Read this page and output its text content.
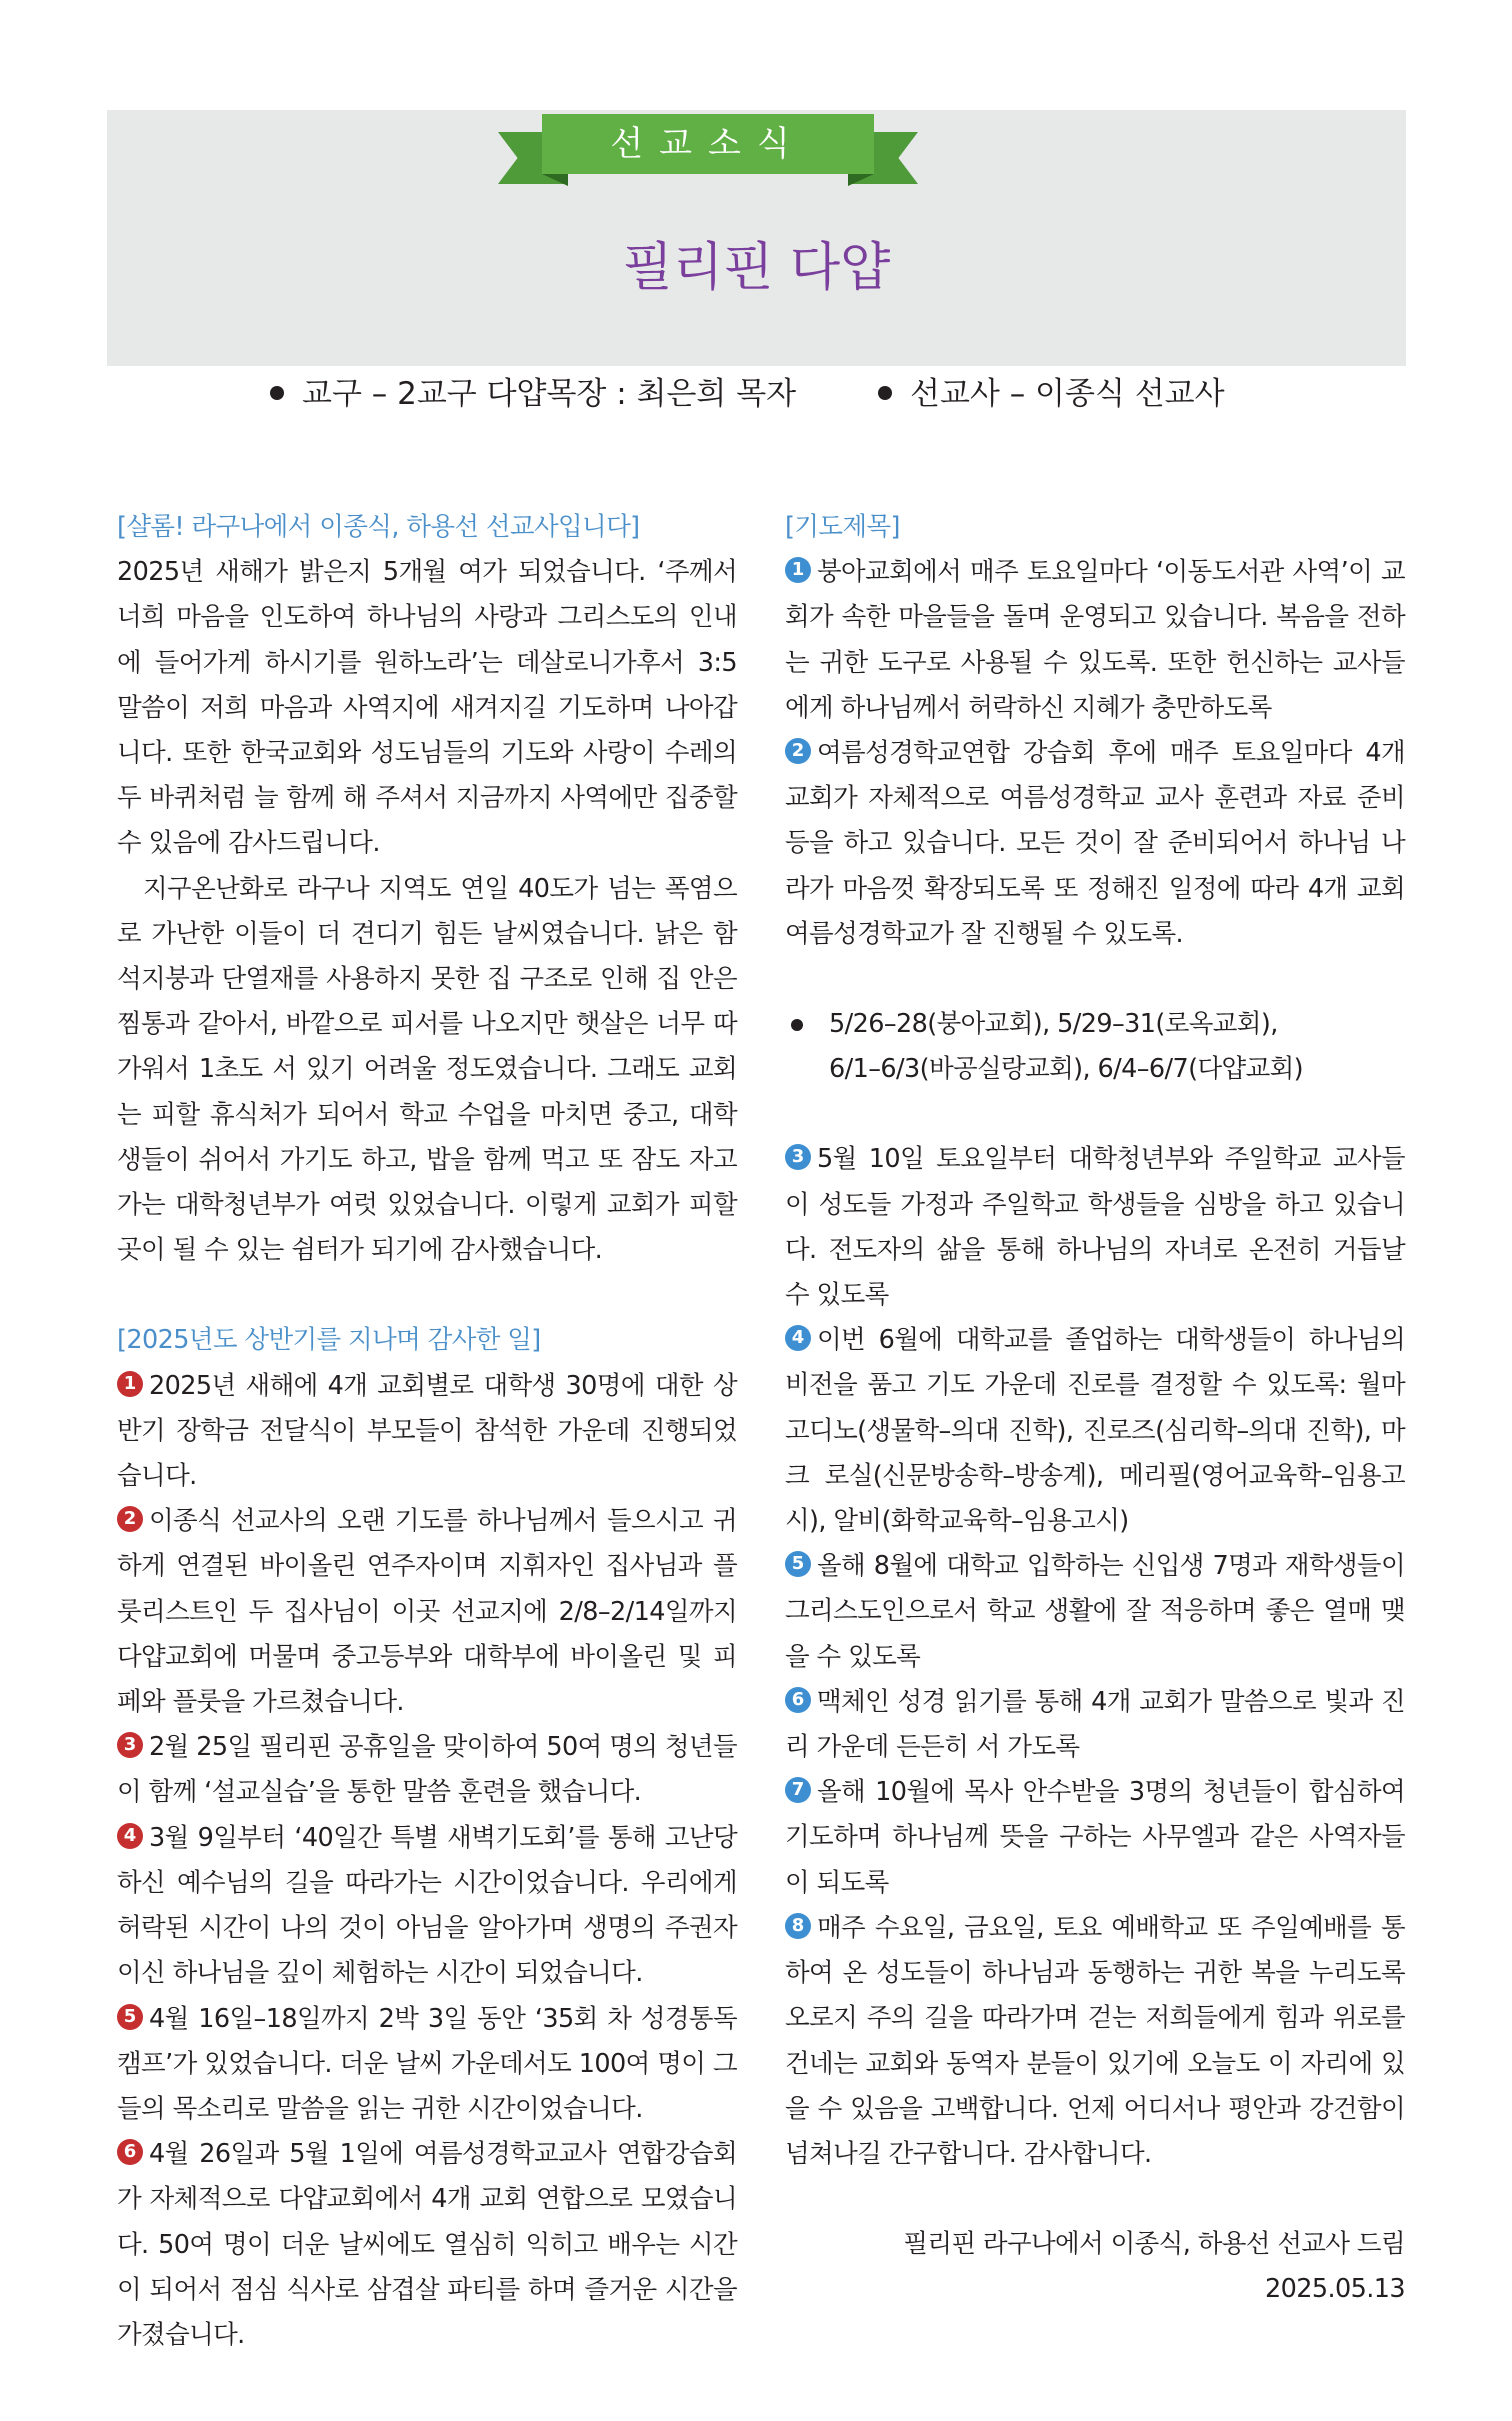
선교소식
필리핀 다얍
교구 – 2교구 다얍목장 : 최은희 목자	선교사 – 이종식 선교사
[샬롬! 라구나에서 이종식, 하용선 선교사입니다]

2025년 새해가 밝은지 5개월 여가 되었습니다. ‘주께서 너희 마음을 인도하여 하나님의 사랑과 그리스도의 인내에 들어가게 하시기를 원하노라’는 데살로니가후서 3:5 말씀이 저희 마음과 사역지에 새겨지길 기도하며 나아갑니다. 또한 한국교회와 성도님들의 기도와 사랑이 수레의 두 바퀴처럼 늘 함께 해 주셔서 지금까지 사역에만 집중할 수 있음에 감사드립니다.

지구온난화로 라구나 지역도 연일 40도가 넘는 폭염으로 가난한 이들이 더 견디기 힘든 날씨였습니다. 낡은 함석지붕과 단열재를 사용하지 못한 집 구조로 인해 집 안은 찜통과 같아서, 바깥으로 피서를 나오지만 햇살은 너무 따가워서 1초도 서 있기 어려울 정도였습니다. 그래도 교회는 피할 휴식처가 되어서 학교 수업을 마치면 중고, 대학생들이 쉬어서 가기도 하고, 밥을 함께 먹고 또 잠도 자고 가는 대학청년부가 여럿 있었습니다. 이렇게 교회가 피할 곳이 될 수 있는 쉼터가 되기에 감사했습니다.

[2025년도 상반기를 지나며 감사한 일]

1 2025년 새해에 4개 교회별로 대학생 30명에 대한 상반기 장학금 전달식이 부모들이 참석한 가운데 진행되었습니다.

2 이종식 선교사의 오랜 기도를 하나님께서 들으시고 귀하게 연결된 바이올린 연주자이며 지휘자인 집사님과 플룻리스트인 두 집사님이 이곳 선교지에 2/8–2/14일까지 다얍교회에 머물며 중고등부와 대학부에 바이올린 및 피페와 플룻을 가르쳤습니다.

3 2월 25일 필리핀 공휴일을 맞이하여 50여 명의 청년들이 함께 ‘설교실습’을 통한 말씀 훈련을 했습니다.

4 3월 9일부터 ‘40일간 특별 새벽기도회’를 통해 고난당하신 예수님의 길을 따라가는 시간이었습니다. 우리에게 허락된 시간이 나의 것이 아님을 알아가며 생명의 주권자이신 하나님을 깊이 체험하는 시간이 되었습니다.

5 4월 16일–18일까지 2박 3일 동안 ‘35회 차 성경통독 캠프’가 있었습니다. 더운 날씨 가운데서도 100여 명이 그들의 목소리로 말씀을 읽는 귀한 시간이었습니다.

6 4월 26일과 5월 1일에 여름성경학교교사 연합강습회가 자체적으로 다얍교회에서 4개 교회 연합으로 모였습니다. 50여 명이 더운 날씨에도 열심히 익히고 배우는 시간이 되어서 점심 식사로 삼겹살 파티를 하며 즐거운 시간을 가졌습니다.

[기도제목]

1 붕아교회에서 매주 토요일마다 ‘이동도서관 사역’이 교회가 속한 마을들을 돌며 운영되고 있습니다. 복음을 전하는 귀한 도구로 사용될 수 있도록. 또한 헌신하는 교사들에게 하나님께서 허락하신 지혜가 충만하도록

2 여름성경학교연합 강습회 후에 매주 토요일마다 4개 교회가 자체적으로 여름성경학교 교사 훈련과 자료 준비 등을 하고 있습니다. 모든 것이 잘 준비되어서 하나님 나라가 마음껏 확장되도록 또 정해진 일정에 따라 4개 교회 여름성경학교가 잘 진행될 수 있도록.

5/26–28(붕아교회), 5/29–31(로옥교회),
6/1–6/3(바공실랑교회), 6/4–6/7(다얍교회)

3 5월 10일 토요일부터 대학청년부와 주일학교 교사들이 성도들 가정과 주일학교 학생들을 심방을 하고 있습니다. 전도자의 삶을 통해 하나님의 자녀로 온전히 거듭날 수 있도록

4 이번 6월에 대학교를 졸업하는 대학생들이 하나님의 비전을 품고 기도 가운데 진로를 결정할 수 있도록: 월마 고디노(생물학–의대 진학), 진로즈(심리학–의대 진학), 마크 로실(신문방송학–방송계), 메리필(영어교육학–임용고시), 알비(화학교육학–임용고시)

5 올해 8월에 대학교 입학하는 신입생 7명과 재학생들이 그리스도인으로서 학교 생활에 잘 적응하며 좋은 열매 맺을 수 있도록

6 맥체인 성경 읽기를 통해 4개 교회가 말씀으로 빛과 진리 가운데 든든히 서 가도록

7 올해 10월에 목사 안수받을 3명의 청년들이 합심하여 기도하며 하나님께 뜻을 구하는 사무엘과 같은 사역자들이 되도록

8 매주 수요일, 금요일, 토요 예배학교 또 주일예배를 통하여 온 성도들이 하나님과 동행하는 귀한 복을 누리도록 오로지 주의 길을 따라가며 걷는 저희들에게 힘과 위로를 건네는 교회와 동역자 분들이 있기에 오늘도 이 자리에 있을 수 있음을 고백합니다. 언제 어디서나 평안과 강건함이 넘쳐나길 간구합니다. 감사합니다.

필리핀 라구나에서 이종식, 하용선 선교사 드림
2025.05.13
